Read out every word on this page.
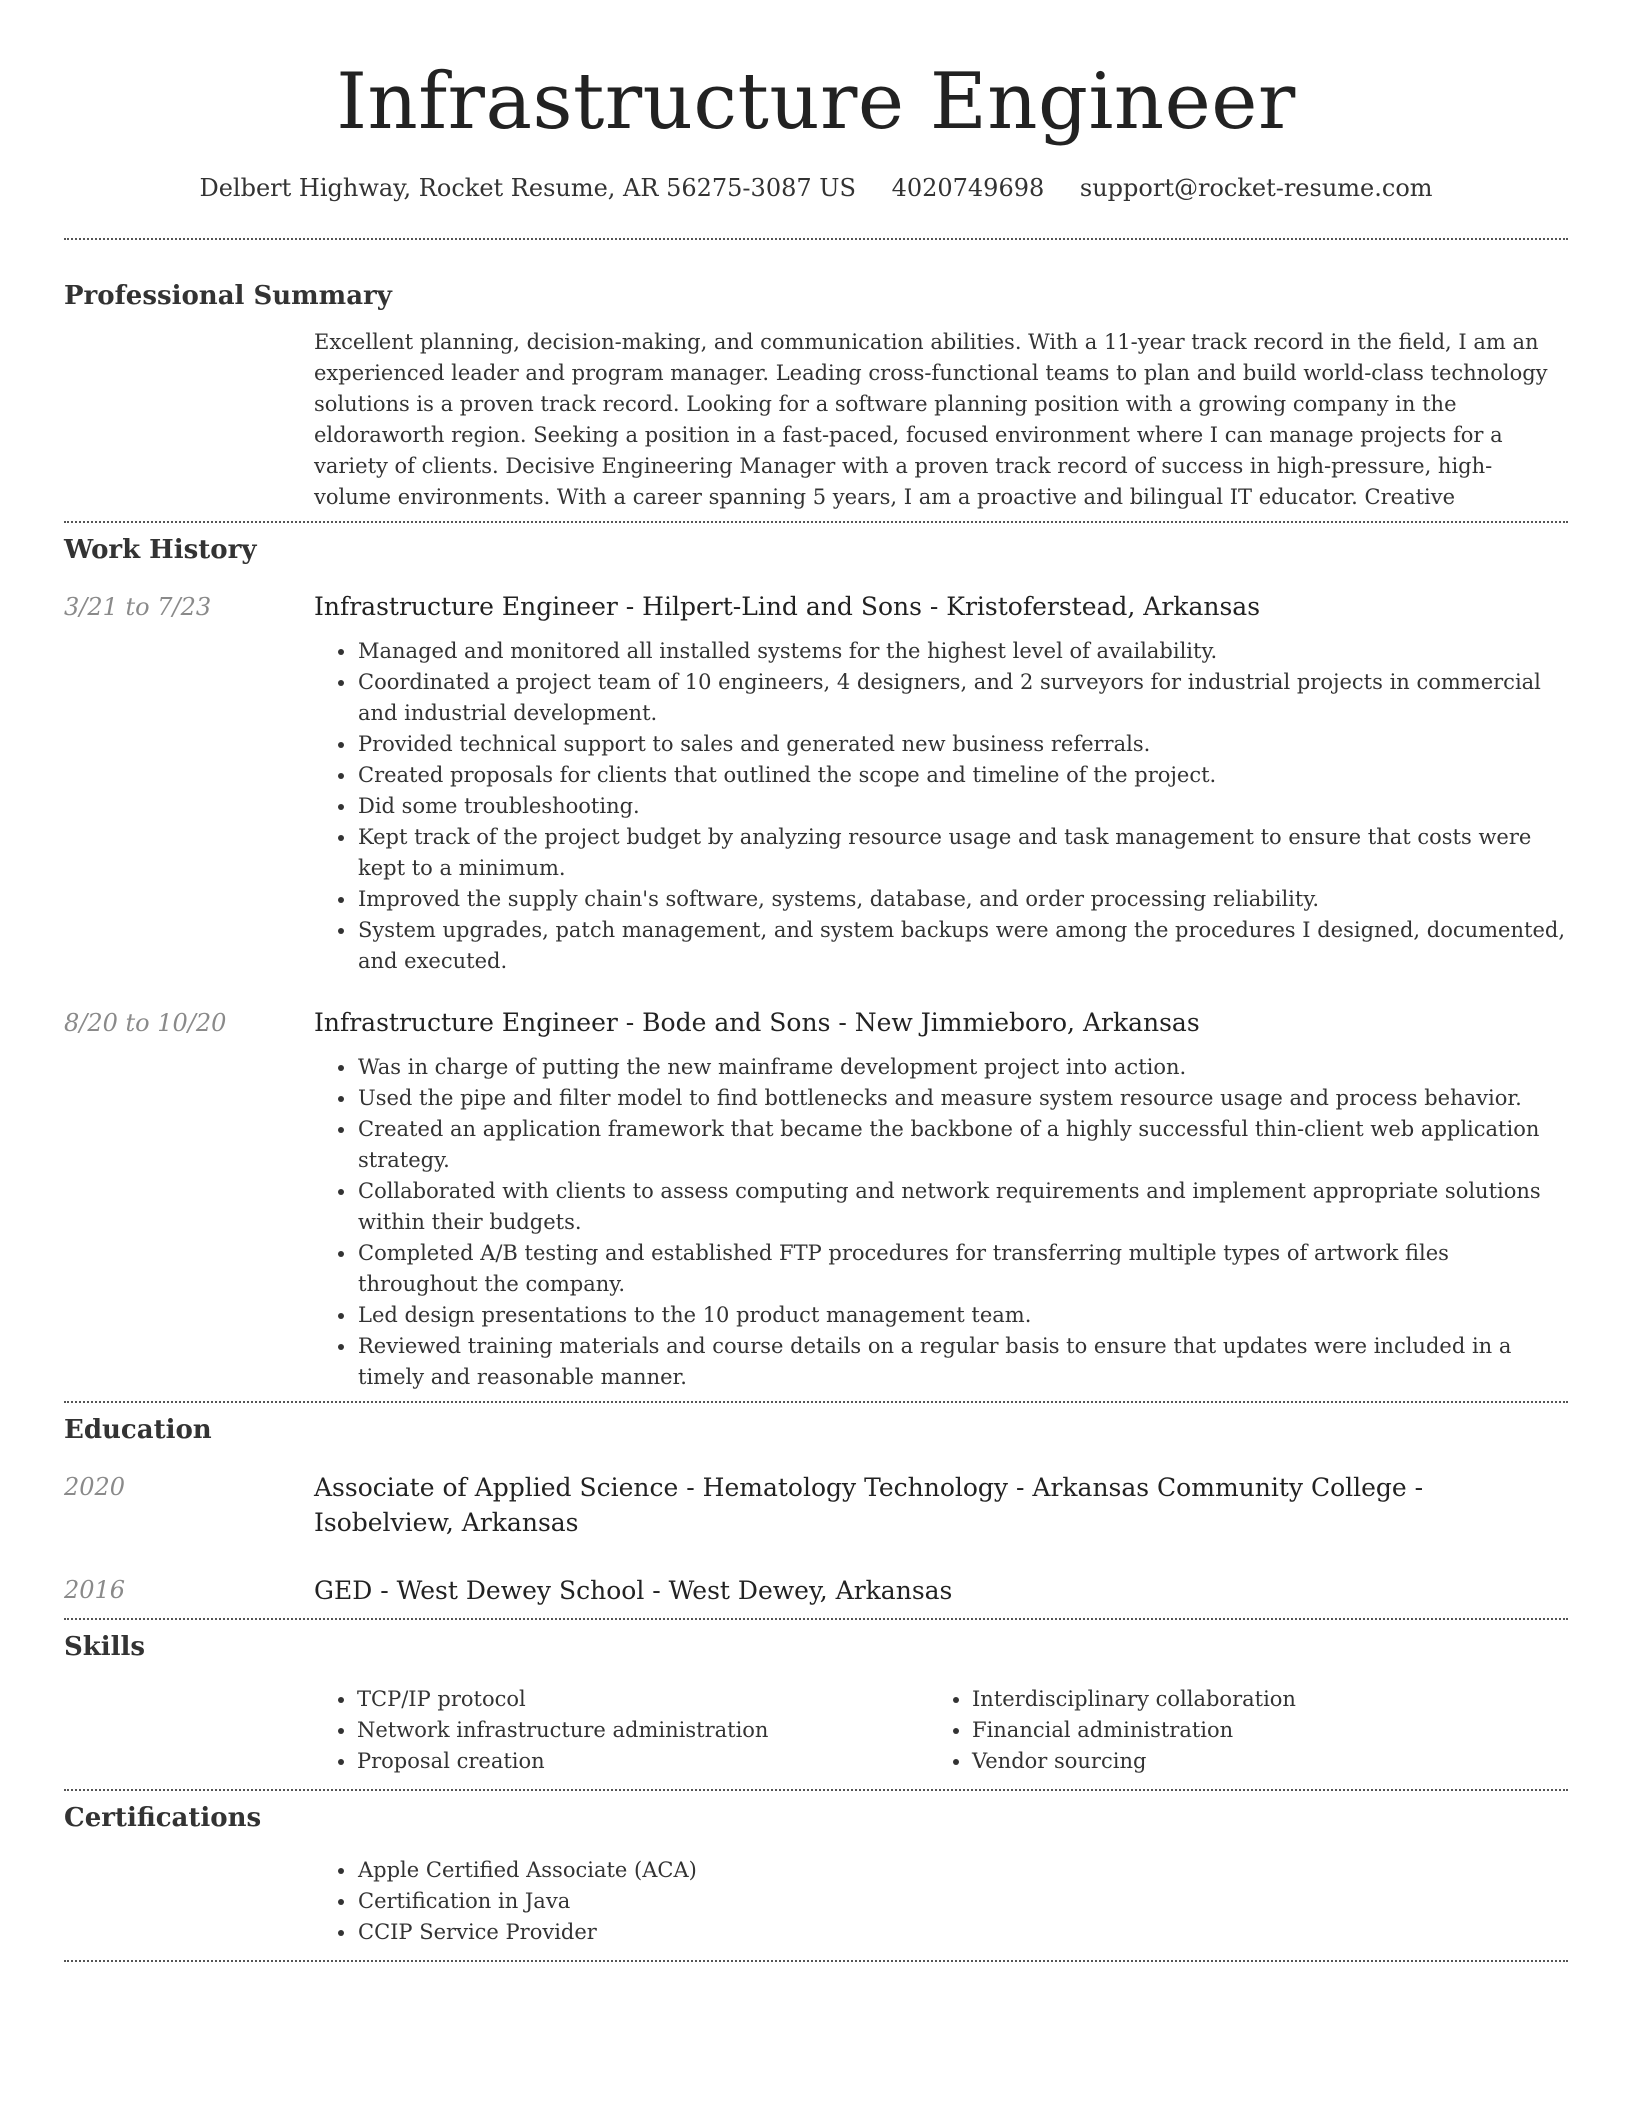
Infrastructure Engineer
Delbert Highway, Rocket Resume, AR 56275-3087 US 4020749698 support@rocket-resume.com
Professional Summary

Excellent planning, decision-making, and communication abilities. With a 11-year track record in the field, I am an experienced leader and program manager. Leading cross-functional teams to plan and build world-class technology solutions is a proven track record. Looking for a software planning position with a growing company in the eldoraworth region. Seeking a position in a fast-paced, focused environment where I can manage projects for a variety of clients. Decisive Engineering Manager with a proven track record of success in high-pressure, high-volume environments. With a career spanning 5 years, I am a proactive and bilingual IT educator. Creative

Work History
3/21 to 7/23	Infrastructure Engineer - Hilpert-Lind and Sons - Kristoferstead, Arkansas
• Managed and monitored all installed systems for the highest level of availability.
• Coordinated a project team of 10 engineers, 4 designers, and 2 surveyors for industrial projects in commercial and industrial development.
• Provided technical support to sales and generated new business referrals.
• Created proposals for clients that outlined the scope and timeline of the project.
• Did some troubleshooting.
• Kept track of the project budget by analyzing resource usage and task management to ensure that costs were kept to a minimum.
• Improved the supply chain's software, systems, database, and order processing reliability.
• System upgrades, patch management, and system backups were among the procedures I designed, documented, and executed.
8/20 to 10/20	Infrastructure Engineer - Bode and Sons - New Jimmieboro, Arkansas
• Was in charge of putting the new mainframe development project into action.
• Used the pipe and filter model to find bottlenecks and measure system resource usage and process behavior.
• Created an application framework that became the backbone of a highly successful thin-client web application strategy.
• Collaborated with clients to assess computing and network requirements and implement appropriate solutions within their budgets.
• Completed A/B testing and established FTP procedures for transferring multiple types of artwork files throughout the company.
• Led design presentations to the 10 product management team.
• Reviewed training materials and course details on a regular basis to ensure that updates were included in a timely and reasonable manner.
Education
2020	Associate of Applied Science - Hematology Technology - Arkansas Community College - Isobelview, Arkansas
2016	GED - West Dewey School - West Dewey, Arkansas
Skills
• TCP/IP protocol
• Network infrastructure administration
• Proposal creation
• Interdisciplinary collaboration
• Financial administration
• Vendor sourcing
Certifications
• Apple Certified Associate (ACA)
• Certification in Java
• CCIP Service Provider
